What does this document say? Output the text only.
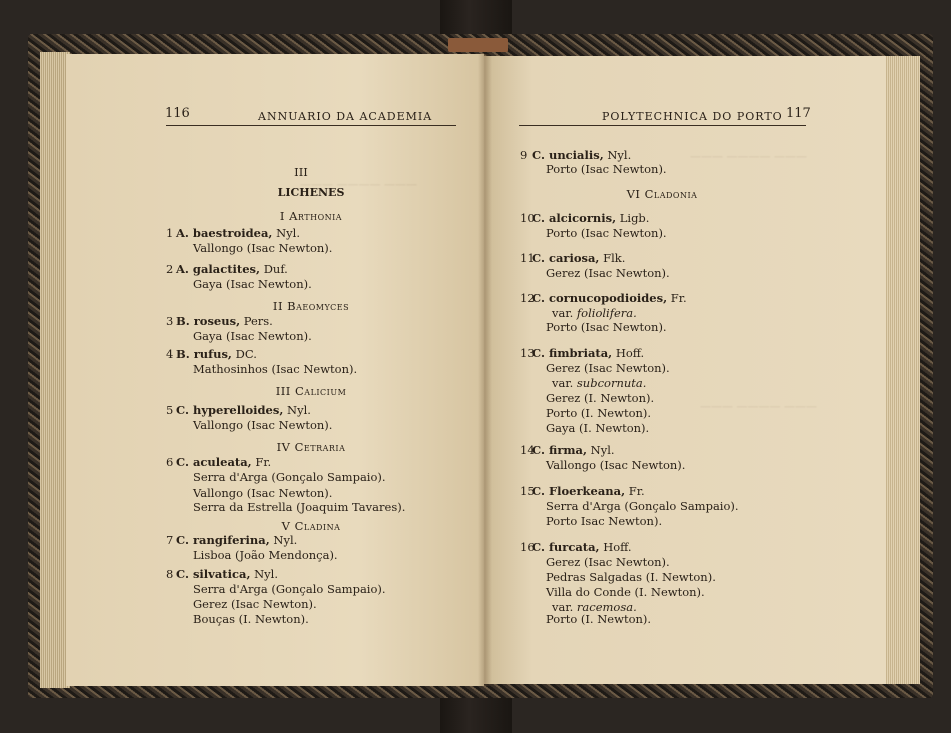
——— ———— ———
——— ———— ———
——— ———— ———
116	ANNUARIO DA ACADEMIA	POLYTECHNICA DO PORTO 117
III
LICHENES
I Arthonia
1 A. baestroidea, Nyl.
Vallongo (Isac Newton).
2 A. galactites, Duf.
Gaya (Isac Newton).
II Baeomyces
3 B. roseus, Pers.
Gaya (Isac Newton).
4 B. rufus, DC.
Mathosinhos (Isac Newton).
III Calicium
5 C. hyperelloides, Nyl.
Vallongo (Isac Newton).
IV Cetraria
6 C. aculeata, Fr.
Serra d'Arga (Gonçalo Sampaio).
Vallongo (Isac Newton).
Serra da Estrella (Joaquim Tavares).
V Cladina
7 C. rangiferina, Nyl.
Lisboa (João Mendonça).
8 C. silvatica, Nyl.
Serra d'Arga (Gonçalo Sampaio).
Gerez (Isac Newton).
Bouças (I. Newton).
9 C. uncialis, Nyl.
Porto (Isac Newton).
VI Cladonia
10
C. alcicornis, Ligb.
Porto (Isac Newton).
11
C. cariosa, Flk.
Gerez (Isac Newton).
12
C. cornucopodioides, Fr.
var. foliolifera.
Porto (Isac Newton).
13
C. fimbriata, Hoff.
Gerez (Isac Newton).
var. subcornuta.
Gerez (I. Newton).
Porto (I. Newton).
Gaya (I. Newton).
14
C. firma, Nyl.
Vallongo (Isac Newton).
15
C. Floerkeana, Fr.
Serra d'Arga (Gonçalo Sampaio).
Porto Isac Newton).
16
C. furcata, Hoff.
Gerez (Isac Newton).
Pedras Salgadas (I. Newton).
Villa do Conde (I. Newton).
var. racemosa.
Porto (I. Newton).
